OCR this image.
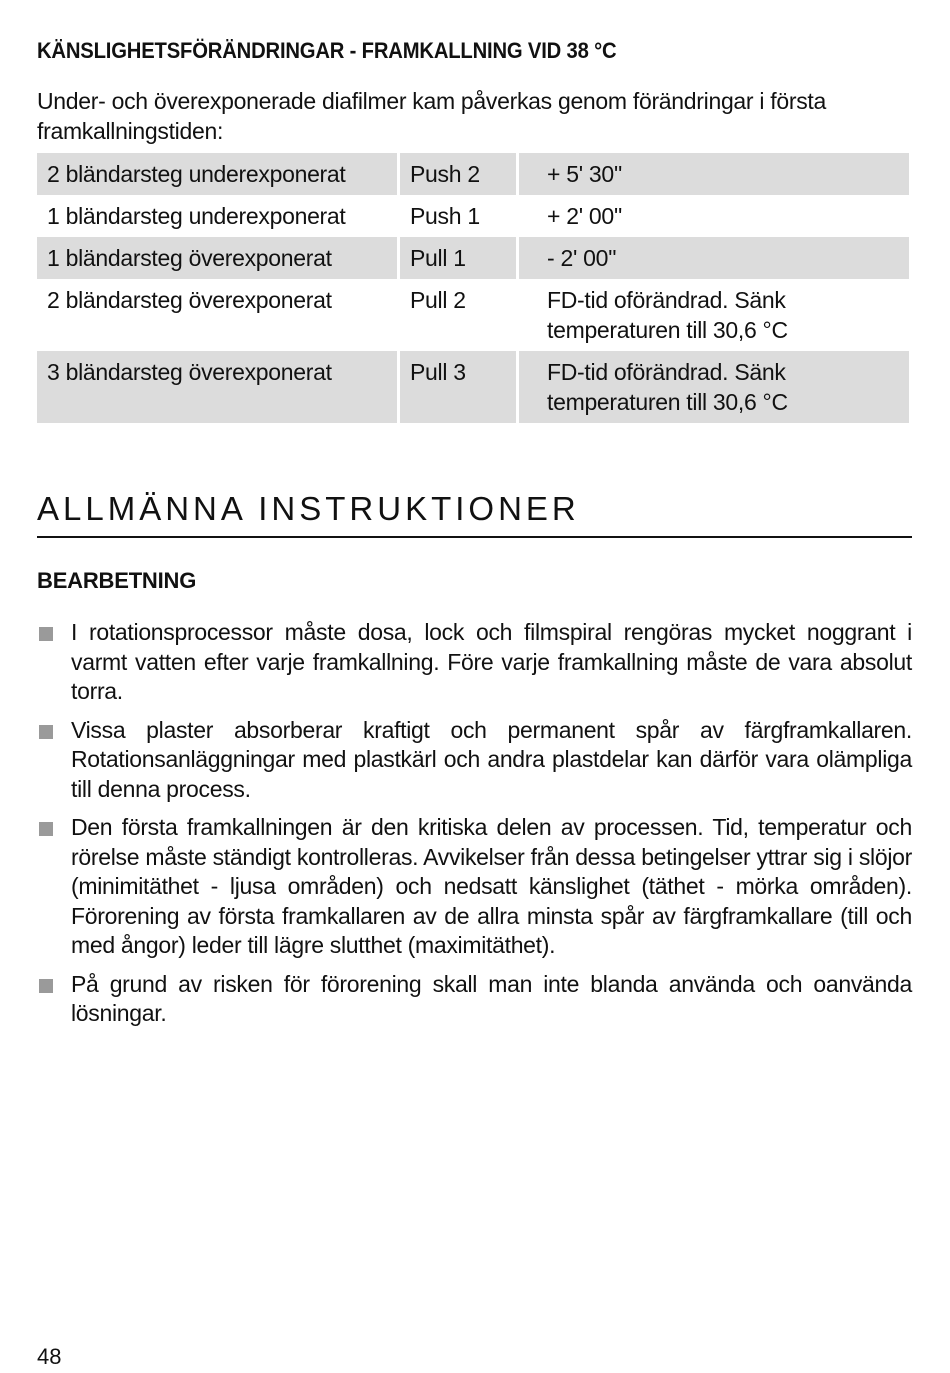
KÄNSLIGHETSFÖRÄNDRINGAR - FRAMKALLNING VID 38 °C

Under- och överexponerade diafilmer kam påverkas genom förändringar i första framkallningstiden:

2 bländarsteg underexponerat	Push 2	+ 5' 30''
1 bländarsteg underexponerat	Push 1	+ 2' 00''
1 bländarsteg överexponerat	Pull 1	- 2' 00''
2 bländarsteg överexponerat	Pull 2	FD-tid oförändrad. Sänk temperaturen till 30,6 °C
3 bländarsteg överexponerat	Pull 3	FD-tid oförändrad. Sänk temperaturen till 30,6 °C
ALLMÄNNA INSTRUKTIONER
BEARBETNING
I rotationsprocessor måste dosa, lock och filmspiral rengöras mycket noggrant i varmt vatten efter varje framkallning. Före varje framkallning måste de vara absolut torra.
Vissa plaster absorberar kraftigt och permanent spår av färgframkallaren. Rotationsanläggningar med plastkärl och andra plastdelar kan därför vara olämpliga till denna process.
Den första framkallningen är den kritiska delen av processen. Tid, temperatur och rörelse måste ständigt kontrolleras. Avvikelser från dessa betingelser yttrar sig i slöjor (minimitäthet - ljusa områden) och nedsatt känslighet (täthet - mörka områden). Förorening av första framkallaren av de allra minsta spår av färgframkallare (till och med ångor) leder till lägre slutthet (maximitäthet).
På grund av risken för förorening skall man inte blanda använda och oanvända lösningar.

48
